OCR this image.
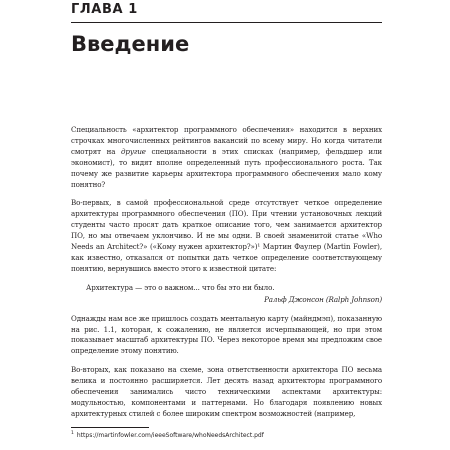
ГЛАВА 1
Введение

Специальность «архитектор программного обеспечения» находится в верхних строчках многочисленных рейтингов вакансий по всему миру. Но когда читатели смотрят на другие специальности в этих списках (например, фельдшер или экономист), то видят вполне определенный путь профессионального роста. Так почему же развитие карьеры архитектора программного обеспечения мало кому понятно?

Во-первых, в самой профессиональной среде отсутствует четкое определение архитектуры программного обеспечения (ПО). При чтении установочных лекций студенты часто просят дать краткое описание того, чем занимается архитектор ПО, но мы отвечаем уклончиво. И не мы одни. В своей знаменитой статье «Who Needs an Architect?» («Кому нужен архитектор?»)¹ Мартин Фаулер (Martin Fowler), как известно, отказался от попытки дать четкое определение соответствующему понятию, вернувшись вместо этого к известной цитате:

Архитектура — это о важном... что бы это ни было.
Ральф Джонсон (Ralph Johnson)

Однажды нам все же пришлось создать ментальную карту (майндмэп), показанную на рис. 1.1, которая, к сожалению, не является исчерпывающей, но при этом показывает масштаб архитектуры ПО. Через некоторое время мы предложим свое определение этому понятию.

Во-вторых, как показано на схеме, зона ответственности архитектора ПО весьма велика и постоянно расширяется. Лет десять назад архитекторы программного обеспечения занимались чисто техническими аспектами архитектуры: модульностью, компонентами и паттернами. Но благодаря появлению новых архитектурных стилей с более широким спектром возможностей (например,

$^1$ https://martinfowler.com/ieeeSoftware/whoNeedsArchitect.pdf
